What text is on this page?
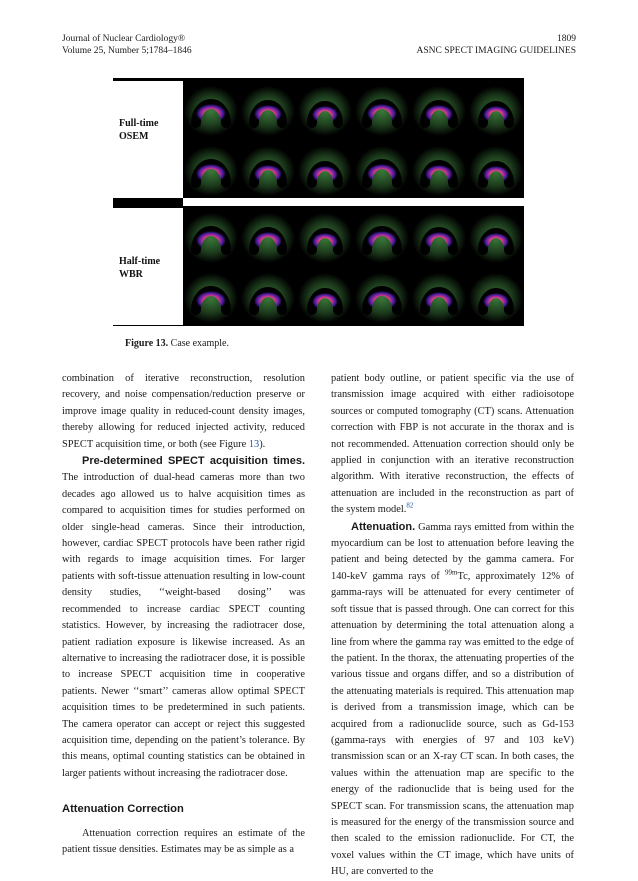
Journal of Nuclear Cardiology®
Volume 25, Number 5;1784–1846
1809
ASNC SPECT IMAGING GUIDELINES
Full-time
OSEM
Half-time
WBR
Figure 13. Case example.

combination of iterative reconstruction, resolution recovery, and noise compensation/reduction preserve or improve image quality in reduced-count density images, thereby allowing for reduced injected activity, reduced SPECT acquisition time, or both (see Figure 13).

Pre-determined SPECT acquisition times. The introduction of dual-head cameras more than two decades ago allowed us to halve acquisition times as compared to acquisition times for studies performed on older single-head cameras. Since their introduction, however, cardiac SPECT protocols have been rather rigid with regards to image acquisition times. For larger patients with soft-tissue attenuation resulting in low-count density studies, ‘‘weight-based dosing’’ was recommended to increase cardiac SPECT counting statistics. However, by increasing the radiotracer dose, patient radiation exposure is likewise increased. As an alternative to increasing the radiotracer dose, it is possible to increase SPECT acquisition time in cooperative patients. Newer ‘‘smart’’ cameras allow optimal SPECT acquisition times to be predetermined in such patients. The camera operator can accept or reject this suggested acquisition time, depending on the patient’s tolerance. By this means, optimal counting statistics can be obtained in larger patients without increasing the radiotracer dose.

Attenuation Correction

Attenuation correction requires an estimate of the patient tissue densities. Estimates may be as simple as a

patient body outline, or patient specific via the use of transmission image acquired with either radioisotope sources or computed tomography (CT) scans. Attenuation correction with FBP is not accurate in the thorax and is not recommended. Attenuation correction should only be applied in conjunction with an iterative reconstruction algorithm. With iterative reconstruction, the effects of attenuation are included in the reconstruction as part of the system model.$^{82}$

Attenuation. Gamma rays emitted from within the myocardium can be lost to attenuation before leaving the patient and being detected by the gamma camera. For 140-keV gamma rays of $^{99m}$Tc, approximately 12% of gamma-rays will be attenuated for every centimeter of soft tissue that is passed through. One can correct for this attenuation by determining the total attenuation along a line from where the gamma ray was emitted to the edge of the patient. In the thorax, the attenuating properties of the various tissue and organs differ, and so a distribution of the attenuating materials is required. This attenuation map is derived from a transmission image, which can be acquired from a radionuclide source, such as Gd-153 (gamma-rays with energies of 97 and 103 keV) transmission scan or an X-ray CT scan. In both cases, the values within the attenuation map are specific to the energy of the radionuclide that is being used for the SPECT scan. For transmission scans, the attenuation map is measured for the energy of the transmission source and then scaled to the emission radionuclide. For CT, the voxel values within the CT image, which have units of HU, are converted to the
